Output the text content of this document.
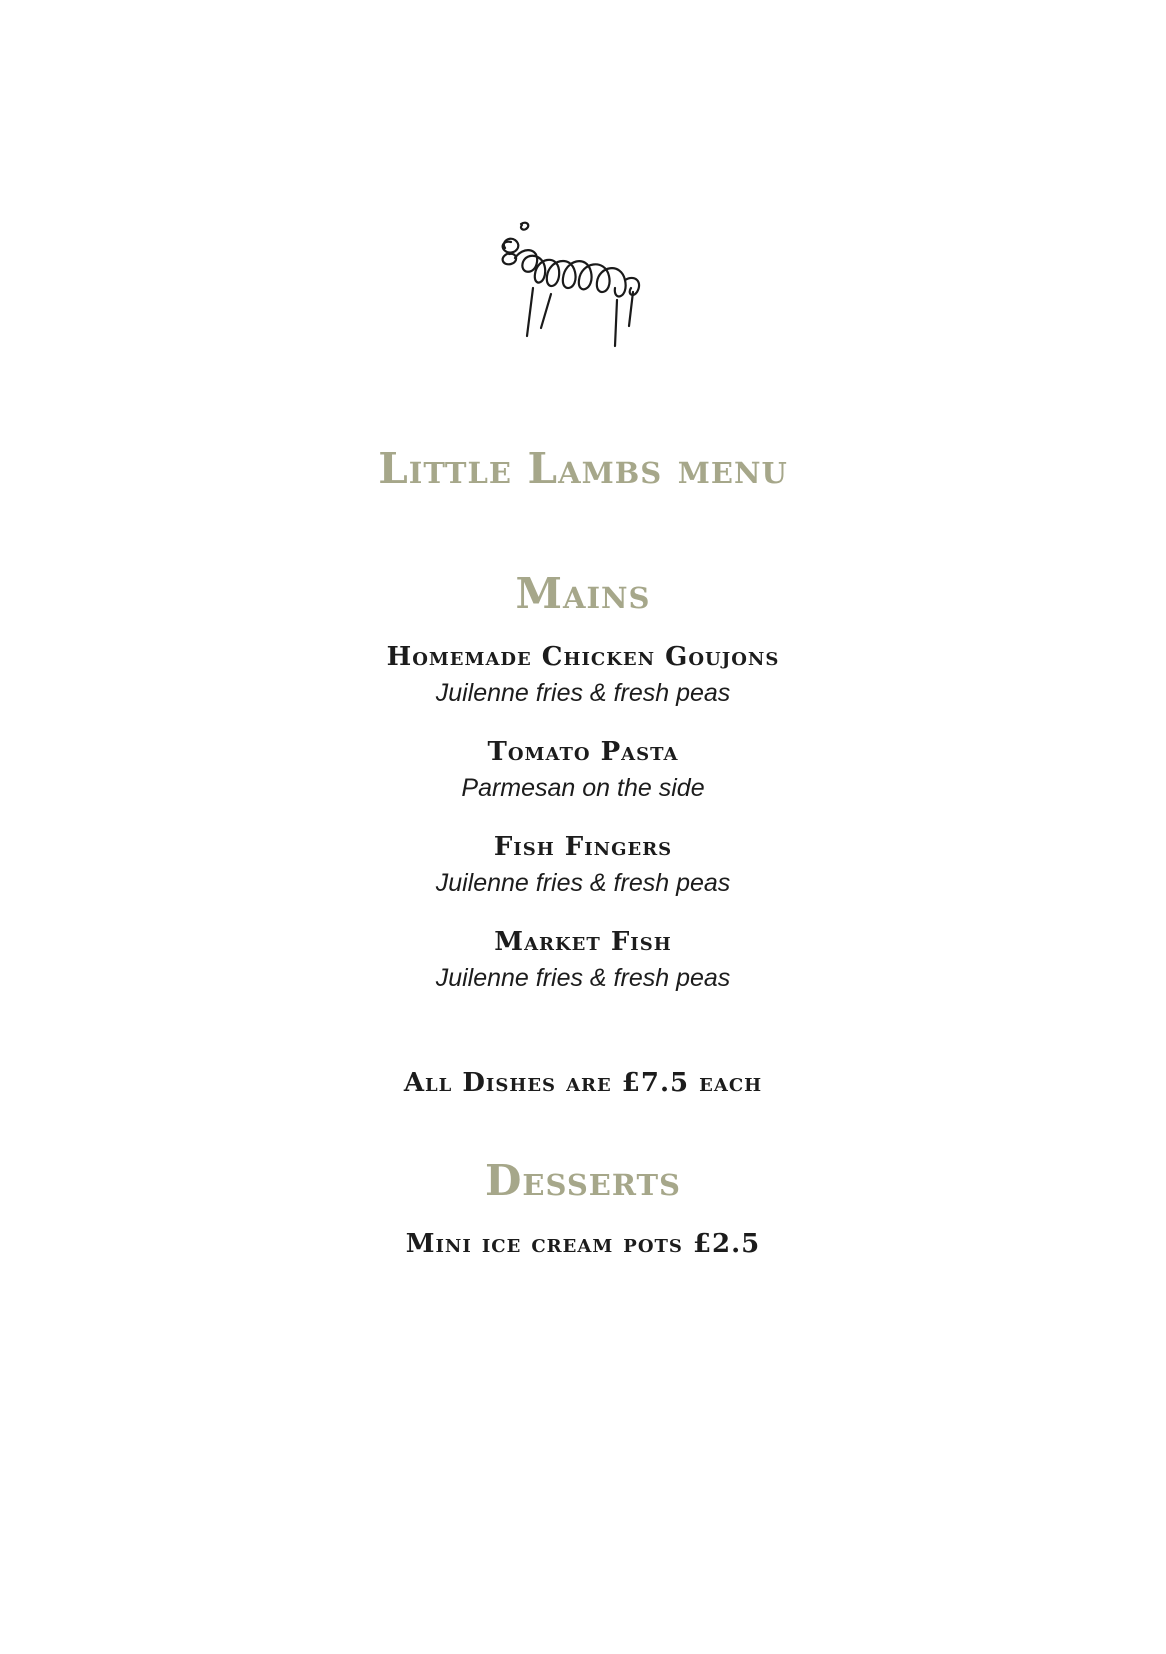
Little Lambs menu
Mains
Homemade Chicken Goujons
Juilenne fries & fresh peas
Tomato Pasta
Parmesan on the side
Fish Fingers
Juilenne fries & fresh peas
Market Fish
Juilenne fries & fresh peas
All Dishes are £7.5 each
Desserts
Mini ice cream pots £2.5
